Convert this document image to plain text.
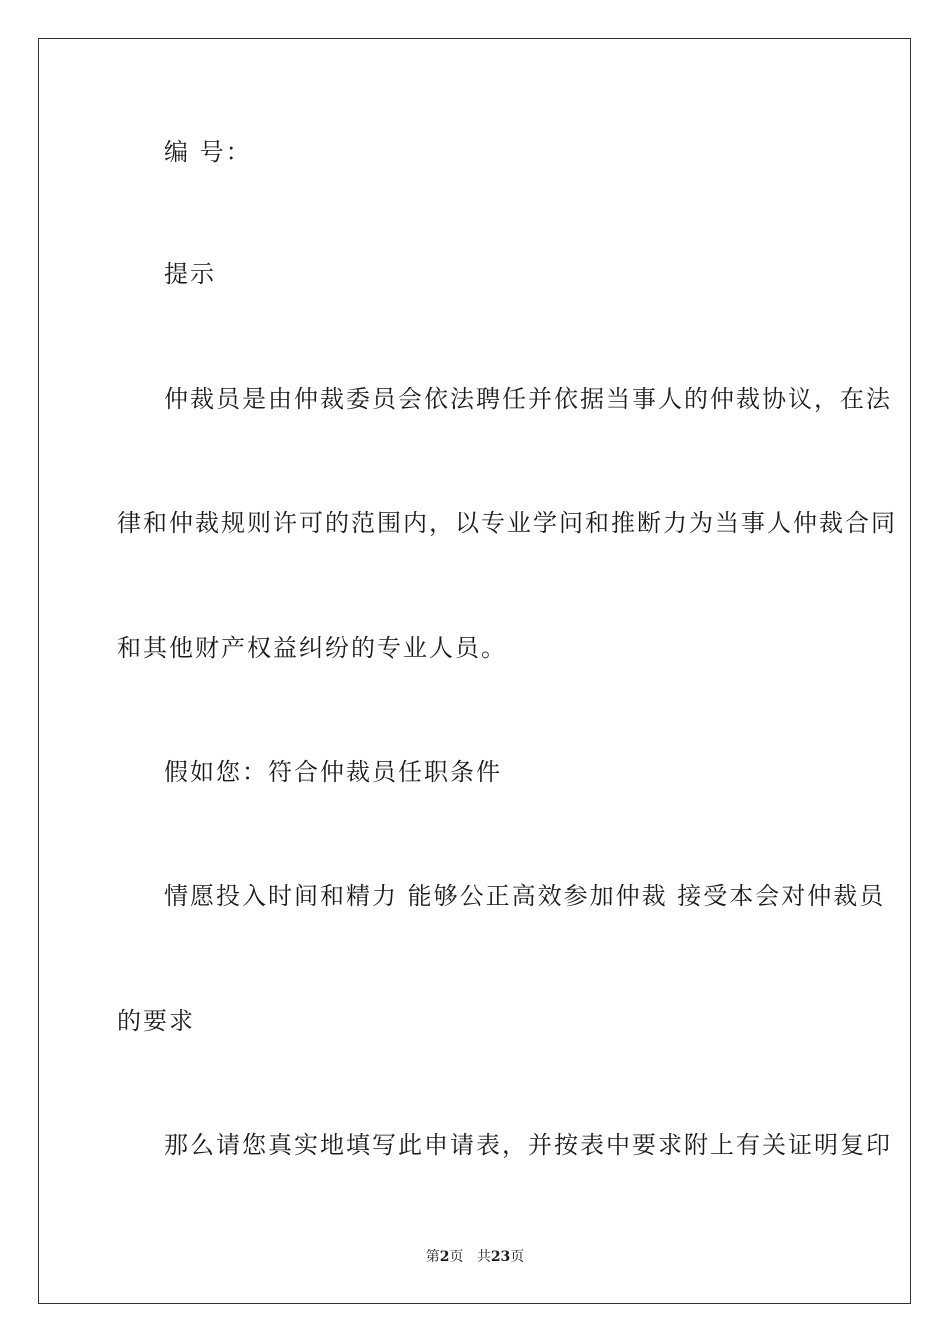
编 号：
提示
仲裁员是由仲裁委员会依法聘任并依据当事人的仲裁协议，在法
律和仲裁规则许可的范围内，以专业学问和推断力为当事人仲裁合同
和其他财产权益纠纷的专业人员。
假如您：符合仲裁员任职条件
情愿投入时间和精力 能够公正高效参加仲裁 接受本会对仲裁员
的要求
那么请您真实地填写此申请表，并按表中要求附上有关证明复印
第2页 共23页
